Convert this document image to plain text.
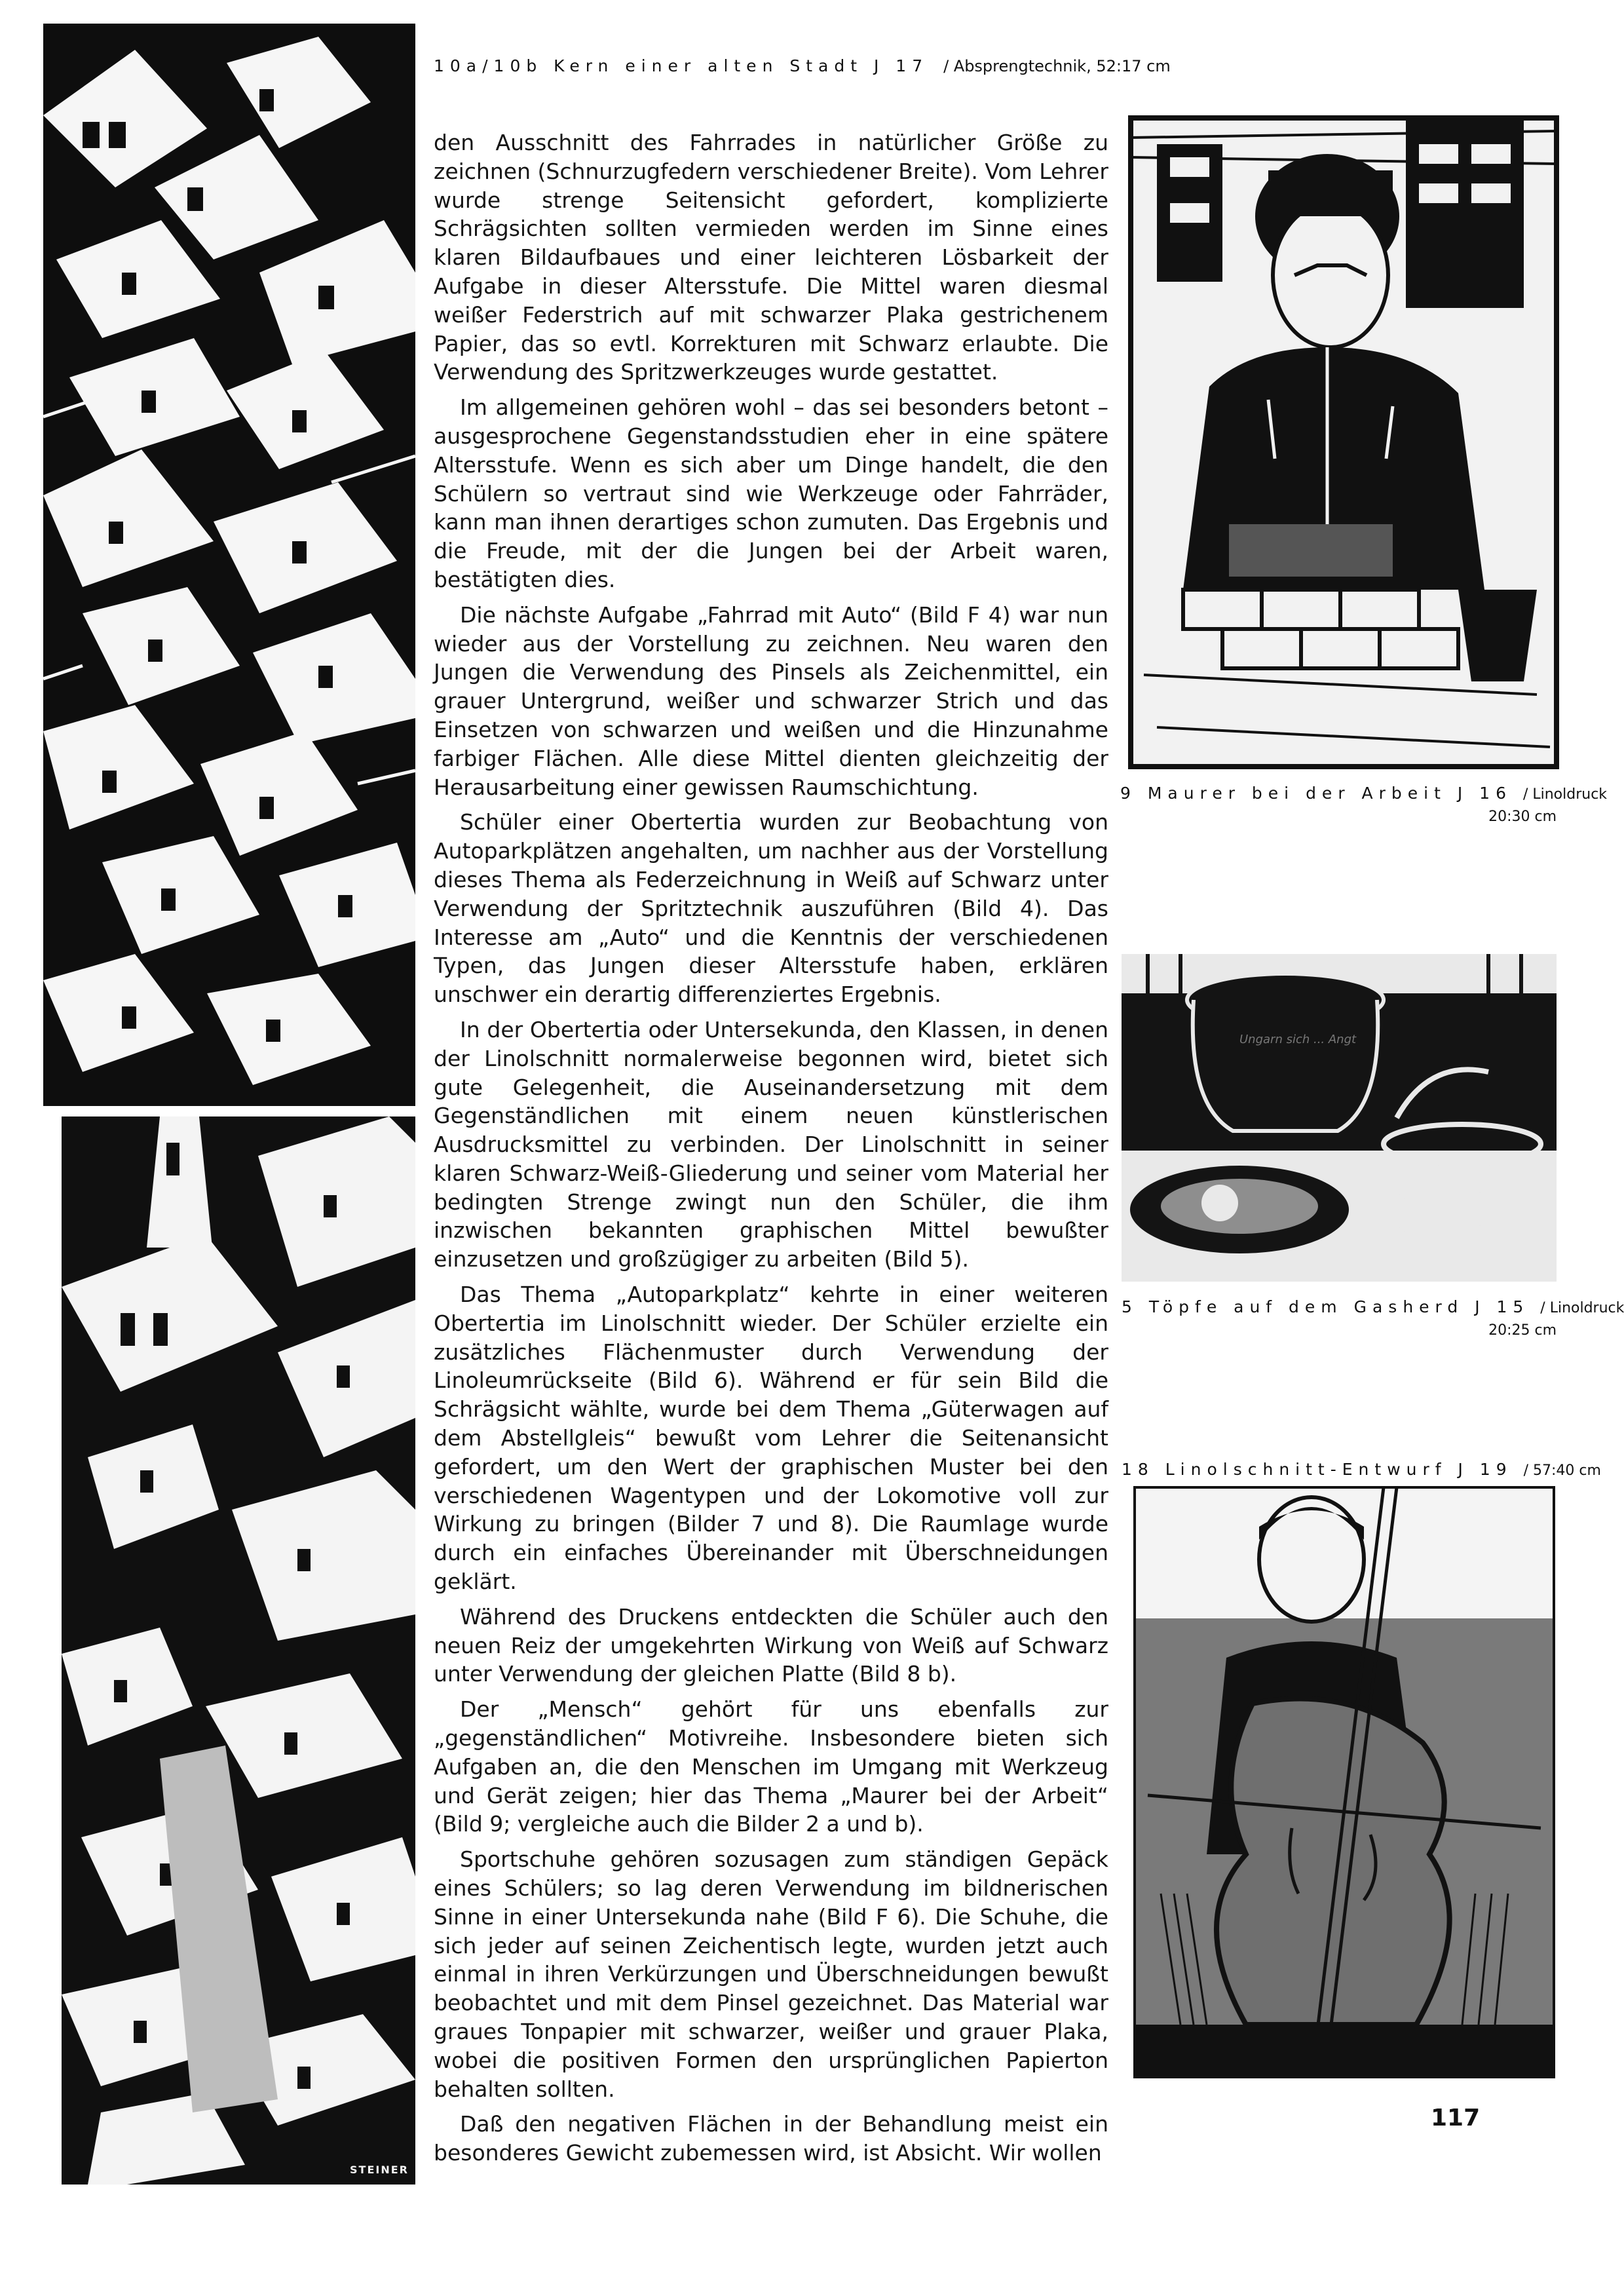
10a/10b Kern einer alten Stadt J 17 / Absprengtechnik, 52:17 cm
STEINER

den Ausschnitt des Fahrrades in natürlicher Größe zu zeichnen (Schnurzugfedern verschiedener Breite). Vom Lehrer wurde strenge Seitensicht gefordert, komplizierte Schrägsichten sollten vermieden werden im Sinne eines klaren Bildaufbaues und einer leichteren Lösbarkeit der Aufgabe in dieser Altersstufe. Die Mittel waren diesmal weißer Federstrich auf mit schwarzer Plaka gestrichenem Papier, das so evtl. Korrekturen mit Schwarz erlaubte. Die Verwendung des Spritzwerkzeuges wurde gestattet.

Im allgemeinen gehören wohl – das sei besonders betont – ausgesprochene Gegenstandsstudien eher in eine spätere Altersstufe. Wenn es sich aber um Dinge handelt, die den Schülern so vertraut sind wie Werkzeuge oder Fahrräder, kann man ihnen derartiges schon zumuten. Das Ergebnis und die Freude, mit der die Jungen bei der Arbeit waren, bestätigten dies.

Die nächste Aufgabe „Fahrrad mit Auto“ (Bild F 4) war nun wieder aus der Vorstellung zu zeichnen. Neu waren den Jungen die Verwendung des Pinsels als Zeichenmittel, ein grauer Untergrund, weißer und schwarzer Strich und das Einsetzen von schwarzen und weißen und die Hinzunahme farbiger Flächen. Alle diese Mittel dienten gleichzeitig der Herausarbeitung einer gewissen Raumschichtung.

Schüler einer Obertertia wurden zur Beobachtung von Autoparkplätzen angehalten, um nachher aus der Vorstellung dieses Thema als Federzeichnung in Weiß auf Schwarz unter Verwendung der Spritztechnik auszuführen (Bild 4). Das Interesse am „Auto“ und die Kenntnis der verschiedenen Typen, das Jungen dieser Altersstufe haben, erklären unschwer ein derartig differenziertes Ergebnis.

In der Obertertia oder Untersekunda, den Klassen, in denen der Linolschnitt normalerweise begonnen wird, bietet sich gute Gelegenheit, die Auseinandersetzung mit dem Gegenständlichen mit einem neuen künstlerischen Ausdrucksmittel zu verbinden. Der Linolschnitt in seiner klaren Schwarz-Weiß-Gliederung und seiner vom Material her bedingten Strenge zwingt nun den Schüler, die ihm inzwischen bekannten graphischen Mittel bewußter einzusetzen und großzügiger zu arbeiten (Bild 5).

Das Thema „Autoparkplatz“ kehrte in einer weiteren Obertertia im Linolschnitt wieder. Der Schüler erzielte ein zusätzliches Flächenmuster durch Verwendung der Linoleumrückseite (Bild 6). Während er für sein Bild die Schrägsicht wählte, wurde bei dem Thema „Güterwagen auf dem Abstellgleis“ bewußt vom Lehrer die Seitenansicht gefordert, um den Wert der graphischen Muster bei den verschiedenen Wagentypen und der Lokomotive voll zur Wirkung zu bringen (Bilder 7 und 8). Die Raumlage wurde durch ein einfaches Übereinander mit Überschneidungen geklärt.

Während des Druckens entdeckten die Schüler auch den neuen Reiz der umgekehrten Wirkung von Weiß auf Schwarz unter Verwendung der gleichen Platte (Bild 8 b).

Der „Mensch“ gehört für uns ebenfalls zur „gegenständlichen“ Motivreihe. Insbesondere bieten sich Aufgaben an, die den Menschen im Umgang mit Werkzeug und Gerät zeigen; hier das Thema „Maurer bei der Arbeit“ (Bild 9; vergleiche auch die Bilder 2 a und b).

Sportschuhe gehören sozusagen zum ständigen Gepäck eines Schülers; so lag deren Verwendung im bildnerischen Sinne in einer Untersekunda nahe (Bild F 6). Die Schuhe, die sich jeder auf seinen Zeichentisch legte, wurden jetzt auch einmal in ihren Verkürzungen und Überschneidungen bewußt beobachtet und mit dem Pinsel gezeichnet. Das Material war graues Tonpapier mit schwarzer, weißer und grauer Plaka, wobei die positiven Formen den ursprünglichen Papierton behalten sollten.

Daß den negativen Flächen in der Behandlung meist ein besonderes Gewicht zubemessen wird, ist Absicht. Wir wollen

9 Maurer bei der Arbeit J 16 / Linoldruck
20:30 cm
Ungarn sich ... Angt
5 Töpfe auf dem Gasherd J 15 / Linoldruck
20:25 cm
18 Linolschnitt-Entwurf J 19 / 57:40 cm
117
